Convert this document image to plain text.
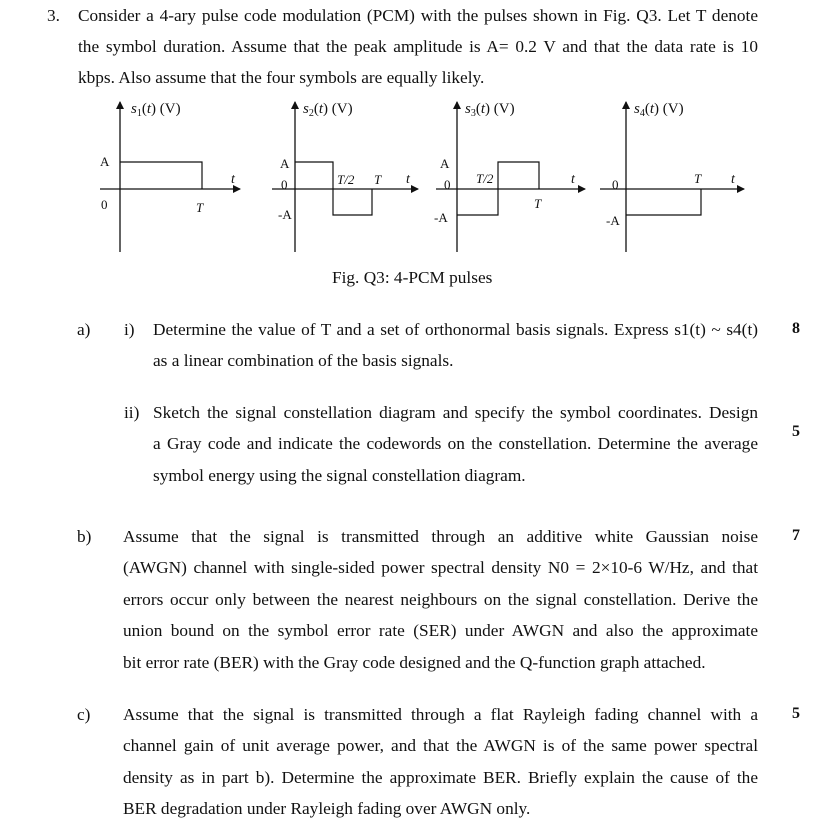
3. Consider a 4-ary pulse code modulation (PCM) with the pulses shown in Fig. Q3. Let T denote
the symbol duration. Assume that the peak amplitude is A= 0.2 V and that the data rate is 10
kbps. Also assume that the four symbols are equally likely.
$s_1(t)$ (V)
A
0	T
t
$s_2(t)$ (V)
A
0
-A
T/2 T t
$s_3(t)$ (V)
A
0
-A
T/2
T
t
$s_4(t)$ (V)
0
-A
T t
Fig. Q3: 4-PCM pulses
a) i) Determine the value of T and a set of orthonormal basis signals. Express s1(t) ~ s4(t)
as a linear combination of the basis signals.
8
ii) Sketch the signal constellation diagram and specify the symbol coordinates. Design
a Gray code and indicate the codewords on the constellation. Determine the average
symbol energy using the signal constellation diagram.
5
b) Assume that the signal is transmitted through an additive white Gaussian noise
(AWGN) channel with single-sided power spectral density N0 = 2×10-6 W/Hz, and that
errors occur only between the nearest neighbours on the signal constellation. Derive the
union bound on the symbol error rate (SER) under AWGN and also the approximate
bit error rate (BER) with the Gray code designed and the Q-function graph attached.
7
c) Assume that the signal is transmitted through a flat Rayleigh fading channel with a
channel gain of unit average power, and that the AWGN is of the same power spectral
density as in part b). Determine the approximate BER. Briefly explain the cause of the
BER degradation under Rayleigh fading over AWGN only.
5
